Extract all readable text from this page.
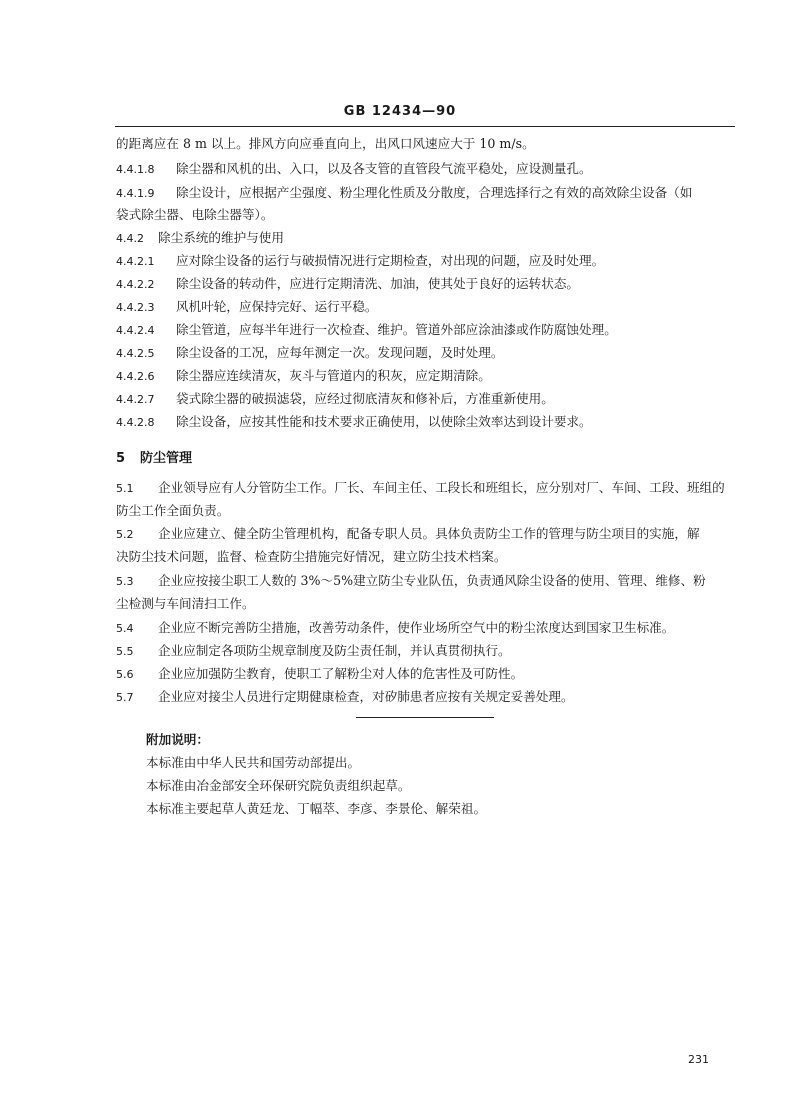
GB 12434—90
的距离应在 8 m 以上。排风方向应垂直向上，出风口风速应大于 10 m/s。
4.4.1.8 除尘器和风机的出、入口，以及各支管的直管段气流平稳处，应设测量孔。
4.4.1.9 除尘设计，应根据产尘强度、粉尘理化性质及分散度，合理选择行之有效的高效除尘设备（如
袋式除尘器、电除尘器等）。
4.4.2 除尘系统的维护与使用
4.4.2.1 应对除尘设备的运行与破损情况进行定期检查，对出现的问题，应及时处理。
4.4.2.2 除尘设备的转动件，应进行定期清洗、加油，使其处于良好的运转状态。
4.4.2.3 风机叶轮，应保持完好、运行平稳。
4.4.2.4 除尘管道，应每半年进行一次检查、维护。管道外部应涂油漆或作防腐蚀处理。
4.4.2.5 除尘设备的工况，应每年测定一次。发现问题，及时处理。
4.4.2.6 除尘器应连续清灰，灰斗与管道内的积灰，应定期清除。
4.4.2.7 袋式除尘器的破损滤袋，应经过彻底清灰和修补后，方准重新使用。
4.4.2.8 除尘设备，应按其性能和技术要求正确使用，以使除尘效率达到设计要求。
5 防尘管理
5.1 企业领导应有人分管防尘工作。厂长、车间主任、工段长和班组长，应分别对厂、车间、工段、班组的
防尘工作全面负责。
5.2 企业应建立、健全防尘管理机构，配备专职人员。具体负责防尘工作的管理与防尘项目的实施，解
决防尘技术问题，监督、检查防尘措施完好情况，建立防尘技术档案。
5.3 企业应按接尘职工人数的 3%～5%建立防尘专业队伍，负责通风除尘设备的使用、管理、维修、粉
尘检测与车间清扫工作。
5.4 企业应不断完善防尘措施，改善劳动条件，使作业场所空气中的粉尘浓度达到国家卫生标准。
5.5 企业应制定各项防尘规章制度及防尘责任制，并认真贯彻执行。
5.6 企业应加强防尘教育，使职工了解粉尘对人体的危害性及可防性。
5.7 企业应对接尘人员进行定期健康检查，对矽肺患者应按有关规定妥善处理。
附加说明：
本标准由中华人民共和国劳动部提出。
本标准由冶金部安全环保研究院负责组织起草。
本标准主要起草人黄廷龙、丁幅萃、李彦、李景伦、解荣祖。
231
